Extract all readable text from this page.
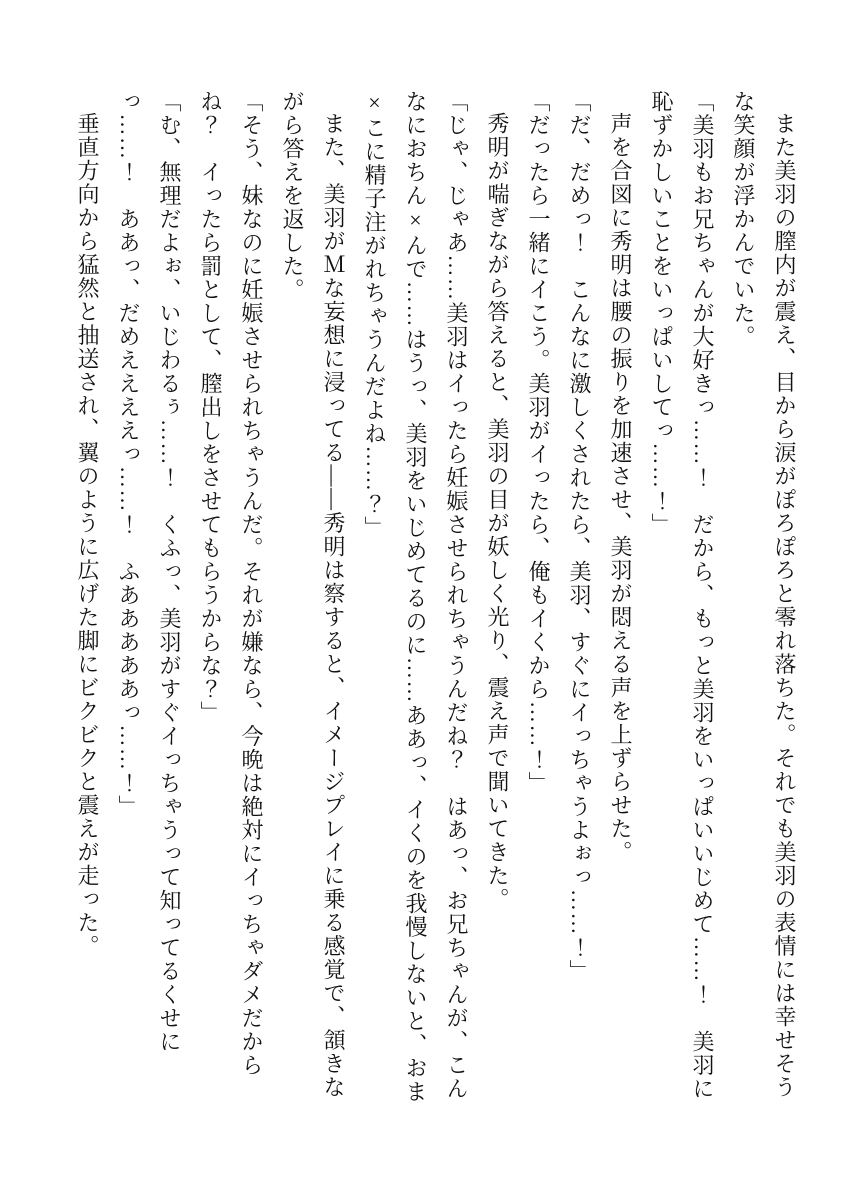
また美羽の膣内が震え、目から涙がぽろぽろと零れ落ちた。それでも美羽の表情には幸せそうな笑顔が浮かんでいた。

「美羽もお兄ちゃんが大好きっ……！　だから、もっと美羽をいっぱいいじめて……！　美羽に恥ずかしいことをいっぱいしてっ……！」

声を合図に秀明は腰の振りを加速させ、美羽が悶える声を上ずらせた。

「だ、だめっ！　こんなに激しくされたら、美羽、すぐにイっちゃうよぉっ……！」

「だったら一緒にイこう。美羽がイったら、俺もイくから……！」

秀明が喘ぎながら答えると、美羽の目が妖しく光り、震え声で聞いてきた。

「じゃ、じゃあ……美羽はイったら妊娠させられちゃうんだね？　はあっ、お兄ちゃんが、こんなにおちん×んで……はうっ、美羽をいじめてるのに……ああっ、イくのを我慢しないと、おま×こに精子注がれちゃうんだよね……？」

また、美羽がＭな妄想に浸ってる――秀明は察すると、イメージプレイに乗る感覚で、頷きながら答えを返した。

「そう、妹なのに妊娠させられちゃうんだ。それが嫌なら、今晩は絶対にイっちゃダメだからね？　イったら罰として、膣出しをさせてもらうからな？」

「む、無理だよぉ、いじわるぅ……！　くふっ、美羽がすぐイっちゃうって知ってるくせにっ……！　ああっ、だめええええっ……！　ふあああああっ……！」

垂直方向から猛然と抽送され、翼のように広げた脚にビクビクと震えが走った。
